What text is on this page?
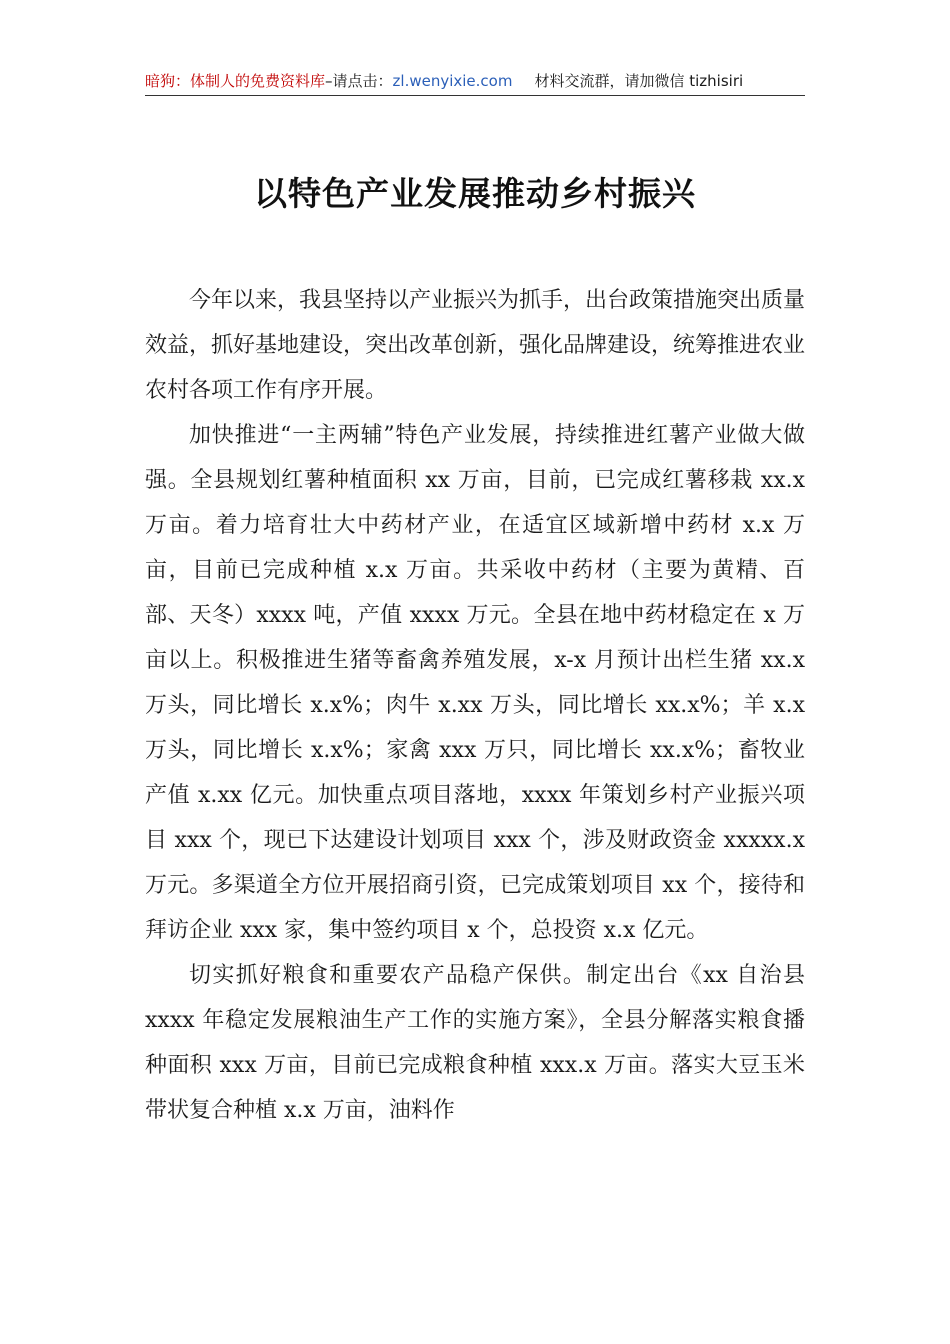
暗狗：体制人的免费资料库–请点击：zl.wenyixie.com 材料交流群，请加微信 tizhisiri
以特色产业发展推动乡村振兴

今年以来，我县坚持以产业振兴为抓手，出台政策措施突出质量效益，抓好基地建设，突出改革创新，强化品牌建设，统筹推进农业农村各项工作有序开展。

加快推进“一主两辅”特色产业发展，持续推进红薯产业做大做强。全县规划红薯种植面积 xx 万亩，目前，已完成红薯移栽 xx.x 万亩。着力培育壮大中药材产业，在适宜区域新增中药材 x.x 万亩，目前已完成种植 x.x 万亩。共采收中药材（主要为黄精、百部、天冬）xxxx 吨，产值 xxxx 万元。全县在地中药材稳定在 x 万亩以上。积极推进生猪等畜禽养殖发展，x-x 月预计出栏生猪 xx.x 万头，同比增长 x.x%；肉牛 x.xx 万头，同比增长 xx.x%；羊 x.x 万头，同比增长 x.x%；家禽 xxx 万只，同比增长 xx.x%；畜牧业产值 x.xx 亿元。加快重点项目落地，xxxx 年策划乡村产业振兴项目 xxx 个，现已下达建设计划项目 xxx 个，涉及财政资金 xxxxx.x 万元。多渠道全方位开展招商引资，已完成策划项目 xx 个，接待和拜访企业 xxx 家，集中签约项目 x 个，总投资 x.x 亿元。

切实抓好粮食和重要农产品稳产保供。制定出台《xx 自治县 xxxx 年稳定发展粮油生产工作的实施方案》，全县分解落实粮食播种面积 xxx 万亩，目前已完成粮食种植 xxx.x 万亩。落实大豆玉米带状复合种植 x.x 万亩，油料作
